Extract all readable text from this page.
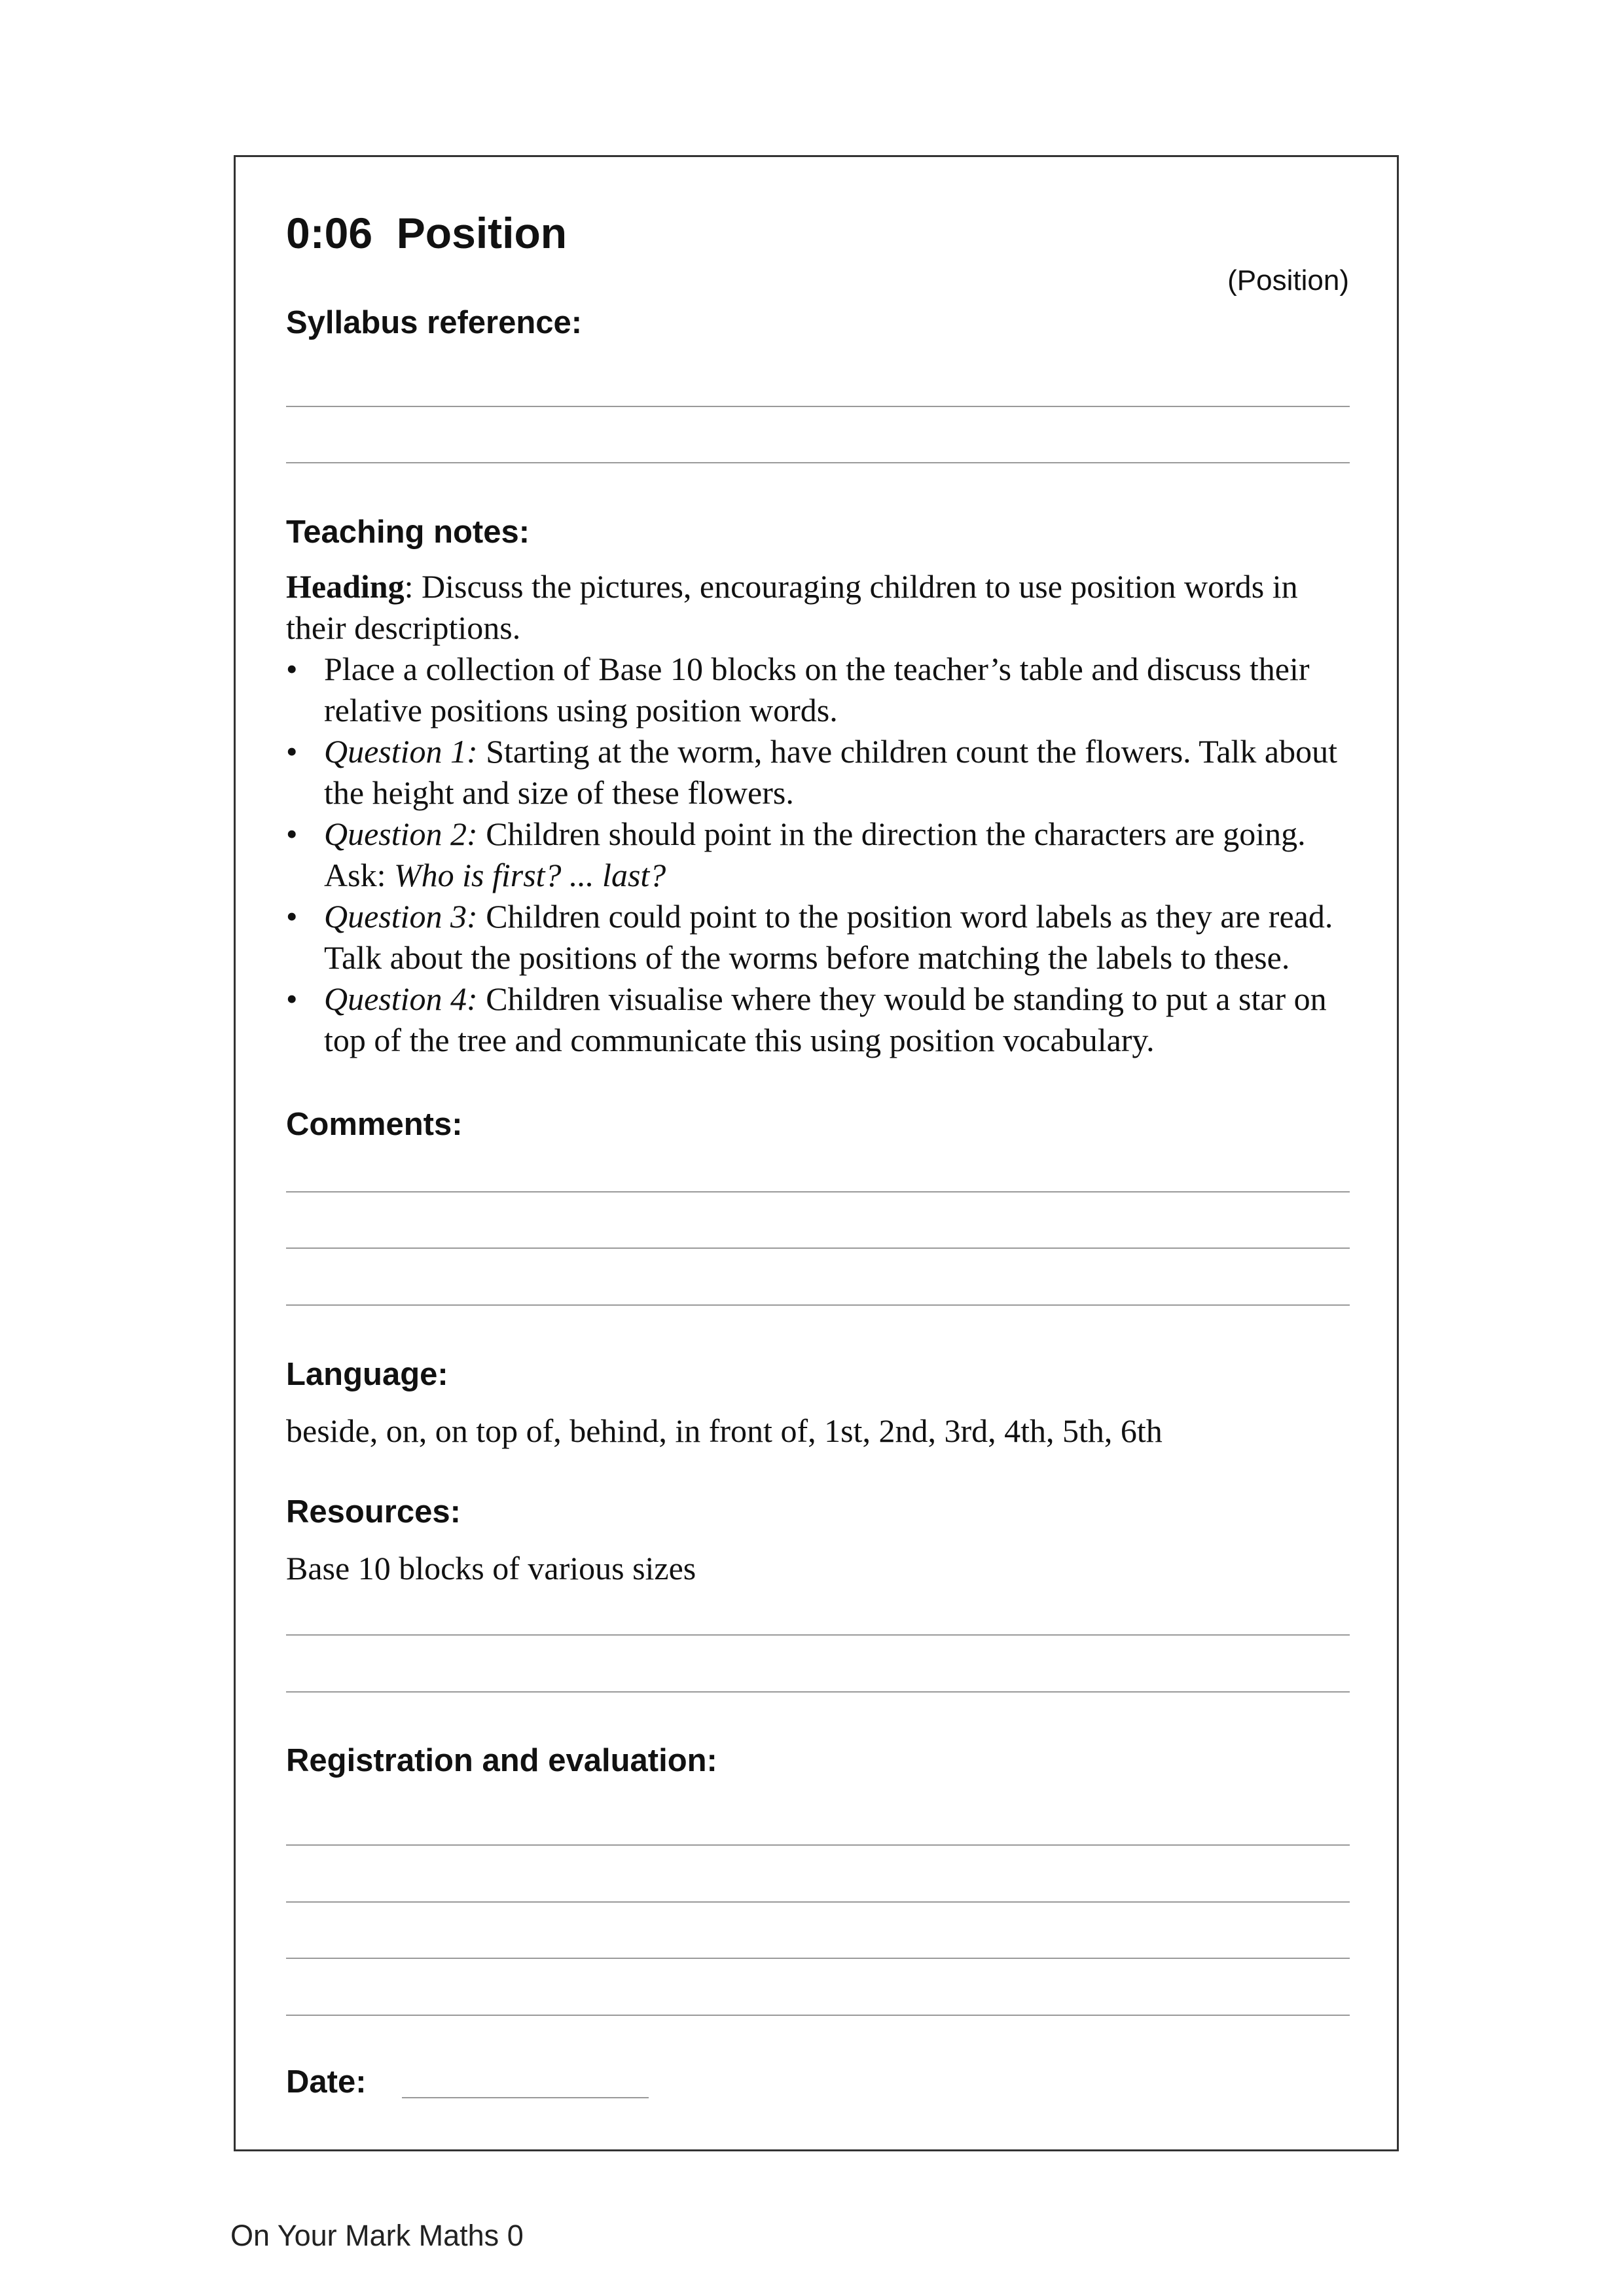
0:06  Position
(Position)
Syllabus reference:
Teaching notes:
Heading: Discuss the pictures, encouraging children to use position words in their descriptions.
• Place a collection of Base 10 blocks on the teacher’s table and discuss their relative positions using position words.
• Question 1: Starting at the worm, have children count the flowers. Talk about the height and size of these flowers.
• Question 2: Children should point in the direction the characters are going. Ask: Who is first? ... last?
• Question 3: Children could point to the position word labels as they are read. Talk about the positions of the worms before matching the labels to these.
• Question 4: Children visualise where they would be standing to put a star on top of the tree and communicate this using position vocabulary.
Comments:
Language:
beside, on, on top of, behind, in front of, 1st, 2nd, 3rd, 4th, 5th, 6th
Resources:
Base 10 blocks of various sizes
Registration and evaluation:
Date:
On Your Mark Maths 0
